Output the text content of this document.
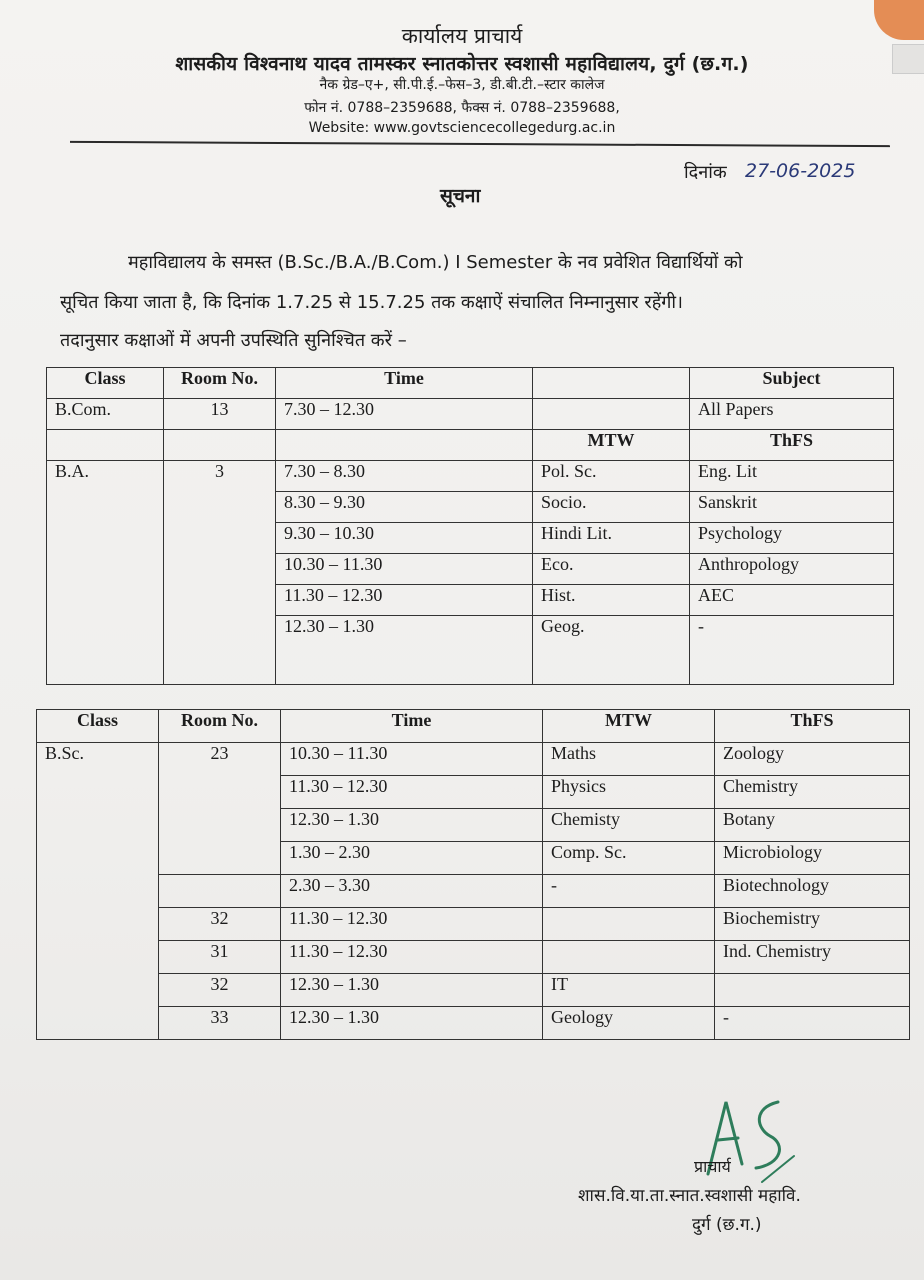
कार्यालय प्राचार्य
शासकीय विश्वनाथ यादव तामस्कर स्नातकोत्तर स्वशासी महाविद्यालय, दुर्ग (छ.ग.)
नैक ग्रेड–ए+, सी.पी.ई.–फेस–3, डी.बी.टी.–स्टार कालेज
फोन नं. 0788–2359688, फैक्स नं. 0788–2359688,
Website: www.govtsciencecollegedurg.ac.in
दिनांक 27-06-2025
सूचना
महाविद्यालय के समस्त (B.Sc./B.A./B.Com.) I Semester के नव प्रवेशित विद्यार्थियों को
सूचित किया जाता है, कि दिनांक 1.7.25 से 15.7.25 तक कक्षाऐं संचालित निम्नानुसार रहेंगी।
तदानुसार कक्षाओं में अपनी उपस्थिति सुनिश्चित करें –
Class	Room No.	Time		Subject
B.Com.	13	7.30 – 12.30		All Papers
			MTW	ThFS
B.A.	3	7.30 – 8.30	Pol. Sc.	Eng. Lit
		8.30 – 9.30	Socio.	Sanskrit
		9.30 – 10.30	Hindi Lit.	Psychology
		10.30 – 11.30	Eco.	Anthropology
		11.30 – 12.30	Hist.	AEC
		12.30 – 1.30	Geog.	-
Class	Room No.	Time	MTW	ThFS
B.Sc.	23	10.30 – 11.30	Maths	Zoology
		11.30 – 12.30	Physics	Chemistry
		12.30 – 1.30	Chemisty	Botany
		1.30 – 2.30	Comp. Sc.	Microbiology
		2.30 – 3.30	-	Biotechnology
	32	11.30 – 12.30		Biochemistry
	31	11.30 – 12.30		Ind. Chemistry
	32	12.30 – 1.30	IT	
	33	12.30 – 1.30	Geology	-
प्राचार्य
शास.वि.या.ता.स्नात.स्वशासी महावि.
दुर्ग (छ.ग.)
